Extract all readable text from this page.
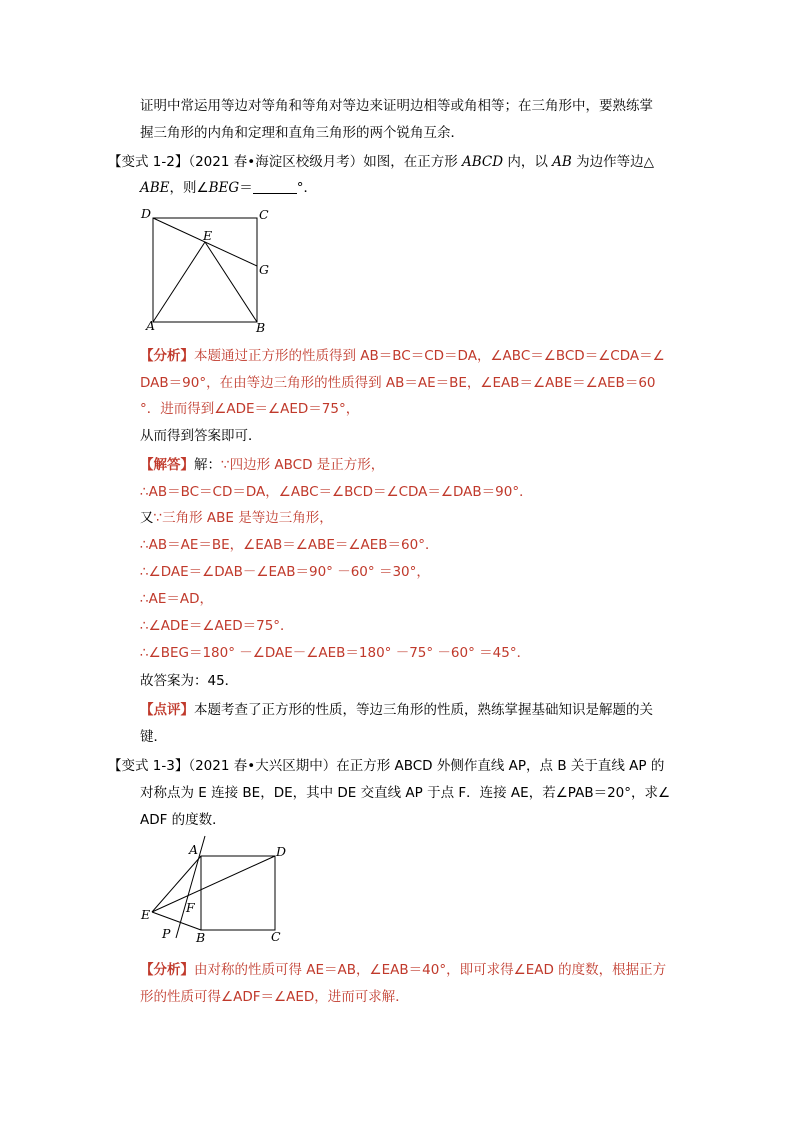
证明中常运用等边对等角和等角对等边来证明边相等或角相等；在三角形中，要熟练掌
握三角形的内角和定理和直角三角形的两个锐角互余．
【变式 1-2】（2021 春•海淀区校级月考）如图，在正方形 ABCD 内，以 AB 为边作等边△
ABE，则∠BEG＝	°．
D	C
E
G
A	B
【分析】本题通过正方形的性质得到 AB＝BC＝CD＝DA，∠ABC＝∠BCD＝∠CDA＝∠
DAB＝90°，在由等边三角形的性质得到 AB＝AE＝BE，∠EAB＝∠ABE＝∠AEB＝60
°．进而得到∠ADE＝∠AED＝75°，
从而得到答案即可．
【解答】解：∵四边形 ABCD 是正方形，
∴AB＝BC＝CD＝DA，∠ABC＝∠BCD＝∠CDA＝∠DAB＝90°．
又∵三角形 ABE 是等边三角形，
∴AB＝AE＝BE，∠EAB＝∠ABE＝∠AEB＝60°．
∴∠DAE＝∠DAB－∠EAB＝90° －60° ＝30°，
∴AE＝AD，
∴∠ADE＝∠AED＝75°．
∴∠BEG＝180° －∠DAE－∠AEB＝180° －75° －60° ＝45°．
故答案为：45．
【点评】本题考查了正方形的性质，等边三角形的性质，熟练掌握基础知识是解题的关
键．
【变式 1-3】（2021 春•大兴区期中）在正方形 ABCD 外侧作直线 AP，点 B 关于直线 AP 的
对称点为 E 连接 BE，DE，其中 DE 交直线 AP 于点 F．连接 AE，若∠PAB＝20°，求∠
ADF 的度数．
A	D
F
E
P B	C
【分析】由对称的性质可得 AE＝AB，∠EAB＝40°，即可求得∠EAD 的度数，根据正方
形的性质可得∠ADF＝∠AED，进而可求解．
